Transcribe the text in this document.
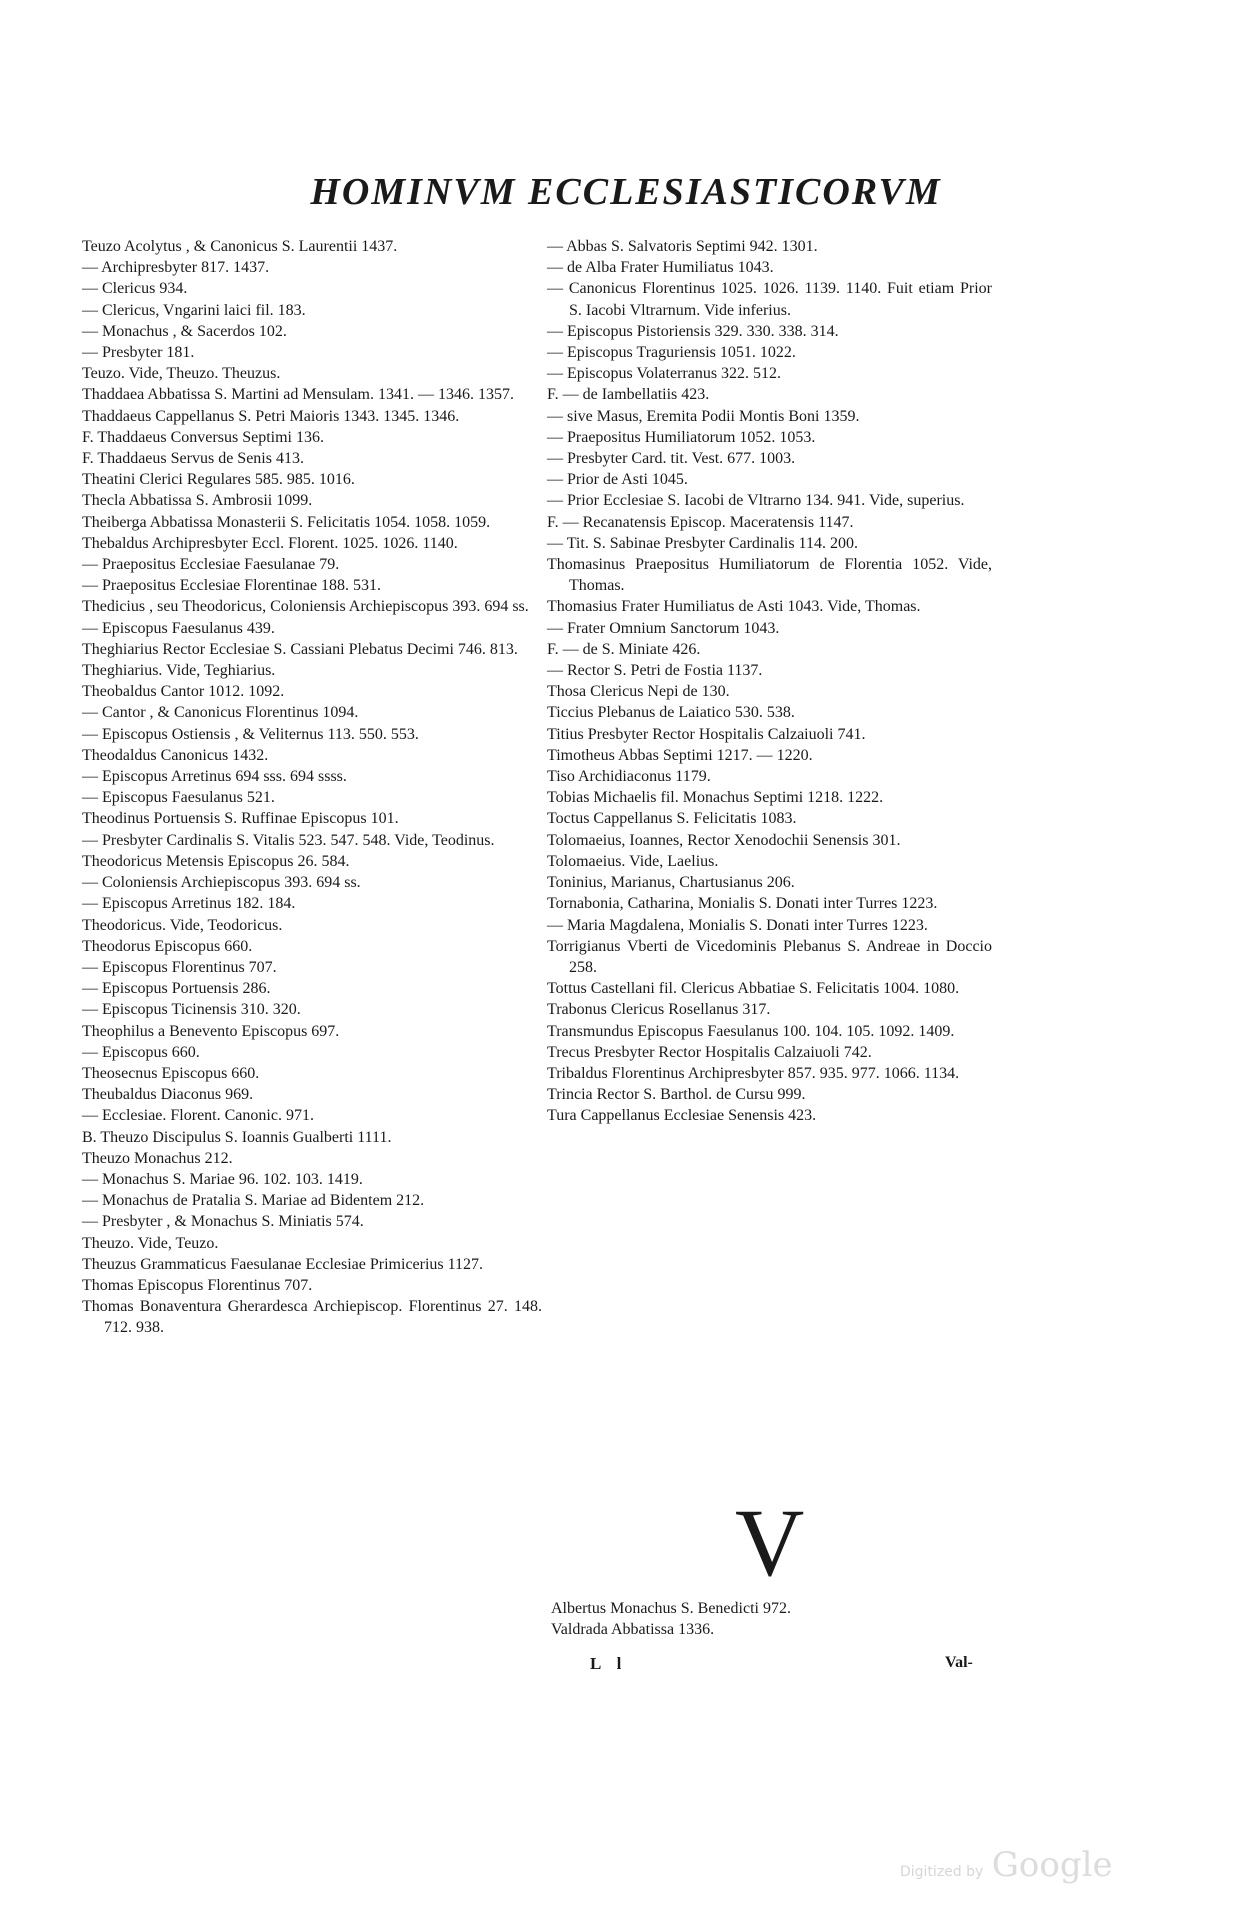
HOMINVM ECCLESIASTICORVM

Teuzo Acolytus , & Canonicus S. Laurentii 1437.

— Archipresbyter 817. 1437.

— Clericus 934.

— Clericus, Vngarini laici fil. 183.

— Monachus , & Sacerdos 102.

— Presbyter 181.

Teuzo. Vide, Theuzo. Theuzus.

Thaddaea Abbatissa S. Martini ad Mensulam. 1341. — 1346. 1357.

Thaddaeus Cappellanus S. Petri Maioris 1343. 1345. 1346.

F. Thaddaeus Conversus Septimi 136.

F. Thaddaeus Servus de Senis 413.

Theatini Clerici Regulares 585. 985. 1016.

Thecla Abbatissa S. Ambrosii 1099.

Theiberga Abbatissa Monasterii S. Felicitatis 1054. 1058. 1059.

Thebaldus Archipresbyter Eccl. Florent. 1025. 1026. 1140.

— Praepositus Ecclesiae Faesulanae 79.

— Praepositus Ecclesiae Florentinae 188. 531.

Thedicius , seu Theodoricus, Coloniensis Archiepiscopus 393. 694 ss.

— Episcopus Faesulanus 439.

Theghiarius Rector Ecclesiae S. Cassiani Plebatus Decimi 746. 813.

Theghiarius. Vide, Teghiarius.

Theobaldus Cantor 1012. 1092.

— Cantor , & Canonicus Florentinus 1094.

— Episcopus Ostiensis , & Veliternus 113. 550. 553.

Theodaldus Canonicus 1432.

— Episcopus Arretinus 694 sss. 694 ssss.

— Episcopus Faesulanus 521.

Theodinus Portuensis S. Ruffinae Episcopus 101.

— Presbyter Cardinalis S. Vitalis 523. 547. 548. Vide, Teodinus.

Theodoricus Metensis Episcopus 26. 584.

— Coloniensis Archiepiscopus 393. 694 ss.

— Episcopus Arretinus 182. 184.

Theodoricus. Vide, Teodoricus.

Theodorus Episcopus 660.

— Episcopus Florentinus 707.

— Episcopus Portuensis 286.

— Episcopus Ticinensis 310. 320.

Theophilus a Benevento Episcopus 697.

— Episcopus 660.

Theosecnus Episcopus 660.

Theubaldus Diaconus 969.

— Ecclesiae. Florent. Canonic. 971.

B. Theuzo Discipulus S. Ioannis Gualberti 1111.

Theuzo Monachus 212.

— Monachus S. Mariae 96. 102. 103. 1419.

— Monachus de Pratalia S. Mariae ad Bidentem 212.

— Presbyter , & Monachus S. Miniatis 574.

Theuzo. Vide, Teuzo.

Theuzus Grammaticus Faesulanae Ecclesiae Primicerius 1127.

Thomas Episcopus Florentinus 707.

Thomas Bonaventura Gherardesca Archiepiscop. Florentinus 27. 148. 712. 938.

— Abbas S. Salvatoris Septimi 942. 1301.

— de Alba Frater Humiliatus 1043.

— Canonicus Florentinus 1025. 1026. 1139. 1140. Fuit etiam Prior S. Iacobi Vltrarnum. Vide inferius.

— Episcopus Pistoriensis 329. 330. 338. 314.

— Episcopus Traguriensis 1051. 1022.

— Episcopus Volaterranus 322. 512.

F. — de Iambellatiis 423.

— sive Masus, Eremita Podii Montis Boni 1359.

— Praepositus Humiliatorum 1052. 1053.

— Presbyter Card. tit. Vest. 677. 1003.

— Prior de Asti 1045.

— Prior Ecclesiae S. Iacobi de Vltrarno 134. 941. Vide, superius.

F. — Recanatensis Episcop. Maceratensis 1147.

— Tit. S. Sabinae Presbyter Cardinalis 114. 200.

Thomasinus Praepositus Humiliatorum de Florentia 1052. Vide, Thomas.

Thomasius Frater Humiliatus de Asti 1043. Vide, Thomas.

— Frater Omnium Sanctorum 1043.

F. — de S. Miniate 426.

— Rector S. Petri de Fostia 1137.

Thosa Clericus Nepi de 130.

Ticcius Plebanus de Laiatico 530. 538.

Titius Presbyter Rector Hospitalis Calzaiuoli 741.

Timotheus Abbas Septimi 1217. — 1220.

Tiso Archidiaconus 1179.

Tobias Michaelis fil. Monachus Septimi 1218. 1222.

Toctus Cappellanus S. Felicitatis 1083.

Tolomaeius, Ioannes, Rector Xenodochii Senensis 301.

Tolomaeius. Vide, Laelius.

Toninius, Marianus, Chartusianus 206.

Tornabonia, Catharina, Monialis S. Donati inter Turres 1223.

— Maria Magdalena, Monialis S. Donati inter Turres 1223.

Torrigianus Vberti de Vicedominis Plebanus S. Andreae in Doccio 258.

Tottus Castellani fil. Clericus Abbatiae S. Felicitatis 1004. 1080.

Trabonus Clericus Rosellanus 317.

Transmundus Episcopus Faesulanus 100. 104. 105. 1092. 1409.

Trecus Presbyter Rector Hospitalis Calzaiuoli 742.

Tribaldus Florentinus Archipresbyter 857. 935. 977. 1066. 1134.

Trincia Rector S. Barthol. de Cursu 999.

Tura Cappellanus Ecclesiae Senensis 423.

V

Albertus Monachus S. Benedicti 972.

Valdrada Abbatissa 1336.

L l	Val-
Digitized by Google
